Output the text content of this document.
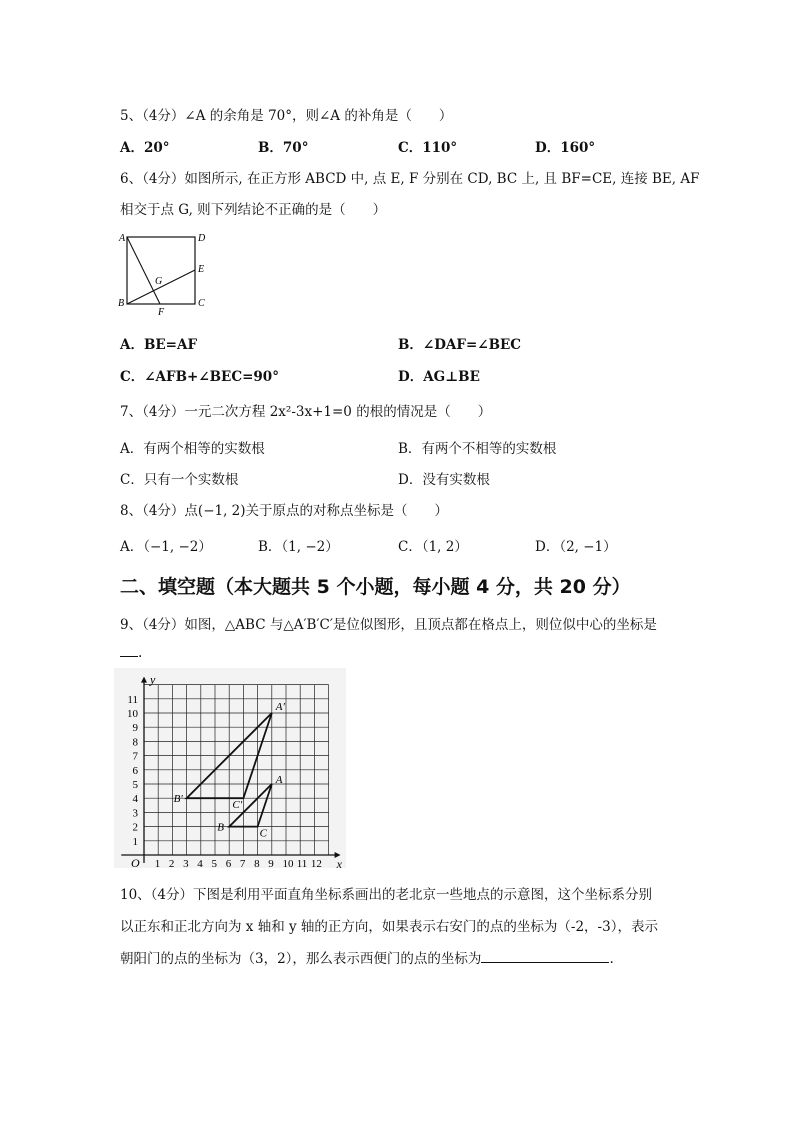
5、（4分）∠A 的余角是 70°，则∠A 的补角是（　　）
A．20°	B．70°	C．110°	D．160°
6、（4分）如图所示, 在正方形 ABCD 中, 点 E, F 分别在 CD, BC 上, 且 BF=CE, 连接 BE, AF
相交于点 G, 则下列结论不正确的是（　　）
A	D
E
B	C
F
G
A．BE=AF	B．∠DAF=∠BEC
C．∠AFB+∠BEC=90°	D．AG⊥BE
7、（4分）一元二次方程 2x²-3x+1=0 的根的情况是（　　）
A．有两个相等的实数根	B．有两个不相等的实数根
C．只有一个实数根	D．没有实数根
8、（4分）点(−1, 2)关于原点的对称点坐标是（　　）
A．（−1, −2）	B．（1, −2）	C．（1, 2）	D．（2, −1）
二、填空题（本大题共 5 个小题，每小题 4 分，共 20 分）
9、（4分）如图，△ABC 与△A′B′C′是位似图形，且顶点都在格点上，则位似中心的坐标是
.
1 2 3 4 5 6 7 8 9 10 11 12
1
2
3
4
5
6
7
8
9
10
11
O	x
y
A
B	C
A′
B′	C′
10、（4分）下图是利用平面直角坐标系画出的老北京一些地点的示意图，这个坐标系分别
以正东和正北方向为 x 轴和 y 轴的正方向，如果表示右安门的点的坐标为（-2，-3），表示
朝阳门的点的坐标为（3，2），那么表示西便门的点的坐标为	.
